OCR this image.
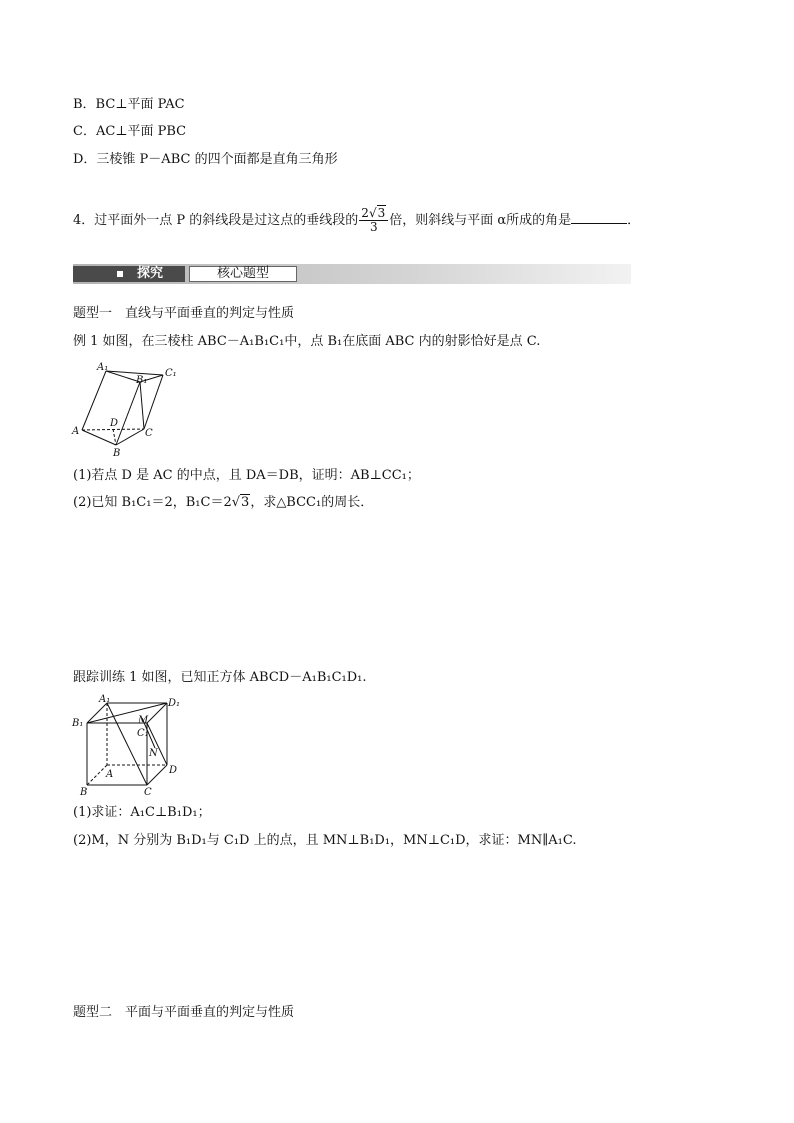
B．BC⊥平面 PAC
C．AC⊥平面 PBC
D．三棱锥 P－ABC 的四个面都是直角三角形
4．过平面外一点 P 的斜线段是过这点的垂线段的 $\frac{2√3}{3}$ 倍，则斜线与平面 α所成的角是	．
探究	核心题型
题型一　直线与平面垂直的判定与性质
例 1 如图，在三棱柱 ABC－A₁B₁C₁中，点 B₁在底面 ABC 内的射影恰好是点 C.
A₁
B₁
C₁
A
D
C
B
(1)若点 D 是 AC 的中点，且 DA＝DB，证明：AB⊥CC₁；
(2)已知 B₁C₁＝2，B₁C＝2√3，求△BCC₁的周长．
跟踪训练 1 如图，已知正方体 ABCD－A₁B₁C₁D₁.
A₁	D₁
B₁	M
C₁
N
A	D
B	C
(1)求证：A₁C⊥B₁D₁；
(2)M，N 分别为 B₁D₁与 C₁D 上的点，且 MN⊥B₁D₁，MN⊥C₁D，求证：MN∥A₁C.
题型二　平面与平面垂直的判定与性质
